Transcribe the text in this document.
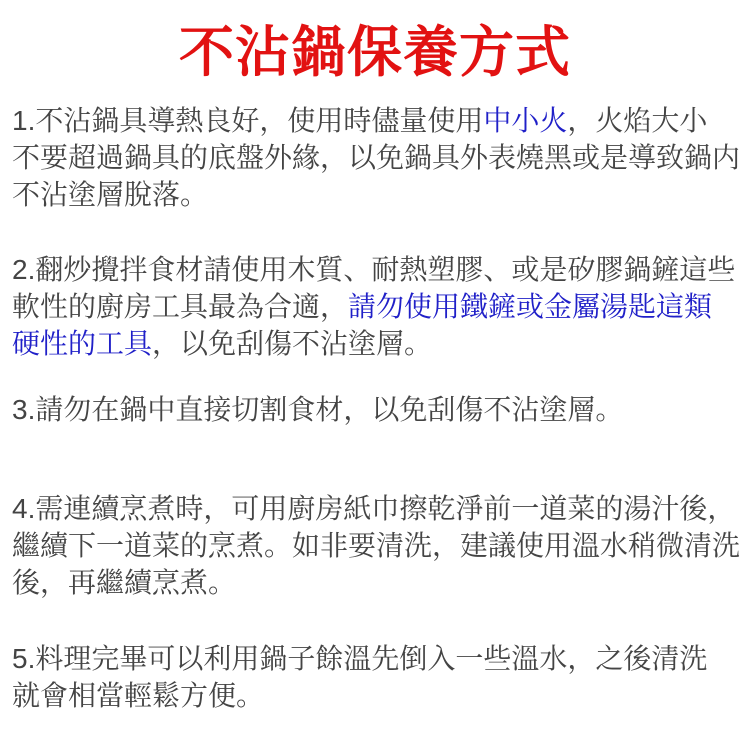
不沾鍋保養方式
1.不沾鍋具導熱良好，使用時儘量使用中小火，火焰大小
不要超過鍋具的底盤外緣，以免鍋具外表燒黑或是導致鍋内
不沾塗層脫落。
2.翻炒攪拌食材請使用木質、耐熱塑膠、或是矽膠鍋鏟這些
軟性的廚房工具最為合適，請勿使用鐵鏟或金屬湯匙這類
硬性的工具，以免刮傷不沾塗層。
3.請勿在鍋中直接切割食材，以免刮傷不沾塗層。
4.需連續烹煮時，可用廚房紙巾擦乾淨前一道菜的湯汁後，
繼續下一道菜的烹煮。如非要清洗，建議使用溫水稍微清洗
後，再繼續烹煮。
5.料理完畢可以利用鍋子餘溫先倒入一些溫水，之後清洗
就會相當輕鬆方便。
